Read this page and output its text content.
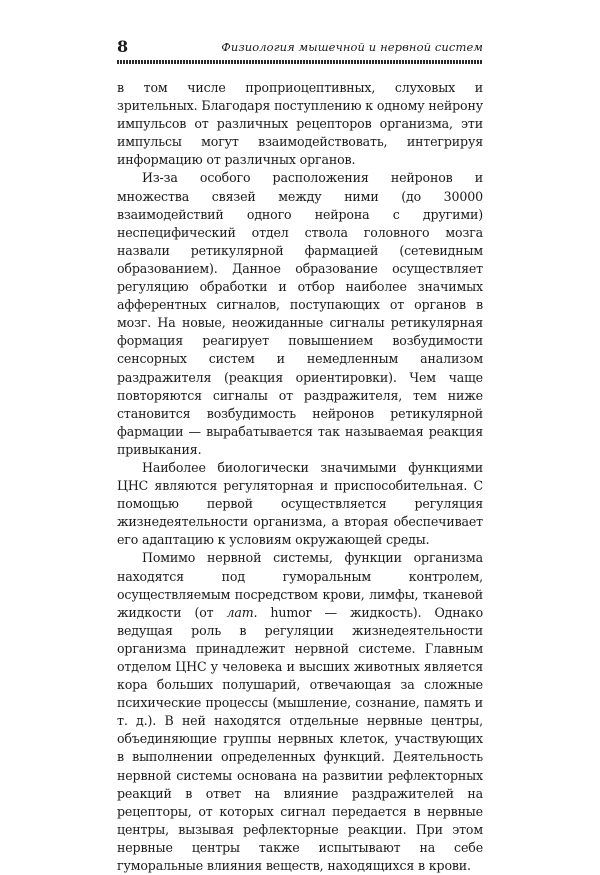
8	Физиология мышечной и нервной систем

в том числе проприоцептивных, слуховых и зрительных. Благодаря поступлению к одному нейрону импульсов от различных рецепторов организма, эти импульсы могут взаимодействовать, интегрируя информацию от различных органов.

Из-за особого расположения нейронов и множества связей между ними (до 30000 взаимодействий одного нейрона с другими) неспецифический отдел ствола головного мозга назвали ретикулярной фармацией (сетевидным образованием). Данное образование осуществляет регуляцию обработки и отбор наиболее значимых афферентных сигналов, поступающих от органов в мозг. На новые, неожиданные сигналы ретикулярная формация реагирует повышением возбудимости сенсорных систем и немедленным анализом раздражителя (реакция ориентировки). Чем чаще повторяются сигналы от раздражителя, тем ниже становится возбудимость нейронов ретикулярной фармации — вырабатывается так называемая реакция привыкания.

Наиболее биологически значимыми функциями ЦНС являются регуляторная и приспособительная. С помощью первой осуществляется регуляция жизнедеятельности организма, а вторая обеспечивает его адаптацию к условиям окружающей среды.

Помимо нервной системы, функции организма находятся под гуморальным контролем, осуществляемым посредством крови, лимфы, тканевой жидкости (от лат. humor — жидкость). Однако ведущая роль в регуляции жизнедеятельности организма принадлежит нервной системе. Главным отделом ЦНС у человека и высших животных является кора больших полушарий, отвечающая за сложные психические процессы (мышление, сознание, память и т. д.). В ней находятся отдельные нервные центры, объединяющие группы нервных клеток, участвующих в выполнении определенных функций. Деятельность нервной системы основана на развитии рефлекторных реакций в ответ на влияние раздражителей на рецепторы, от которых сигнал передается в нервные центры, вызывая рефлекторные реакции. При этом нервные центры также испытывают на себе гуморальные влияния веществ, находящихся в крови.
